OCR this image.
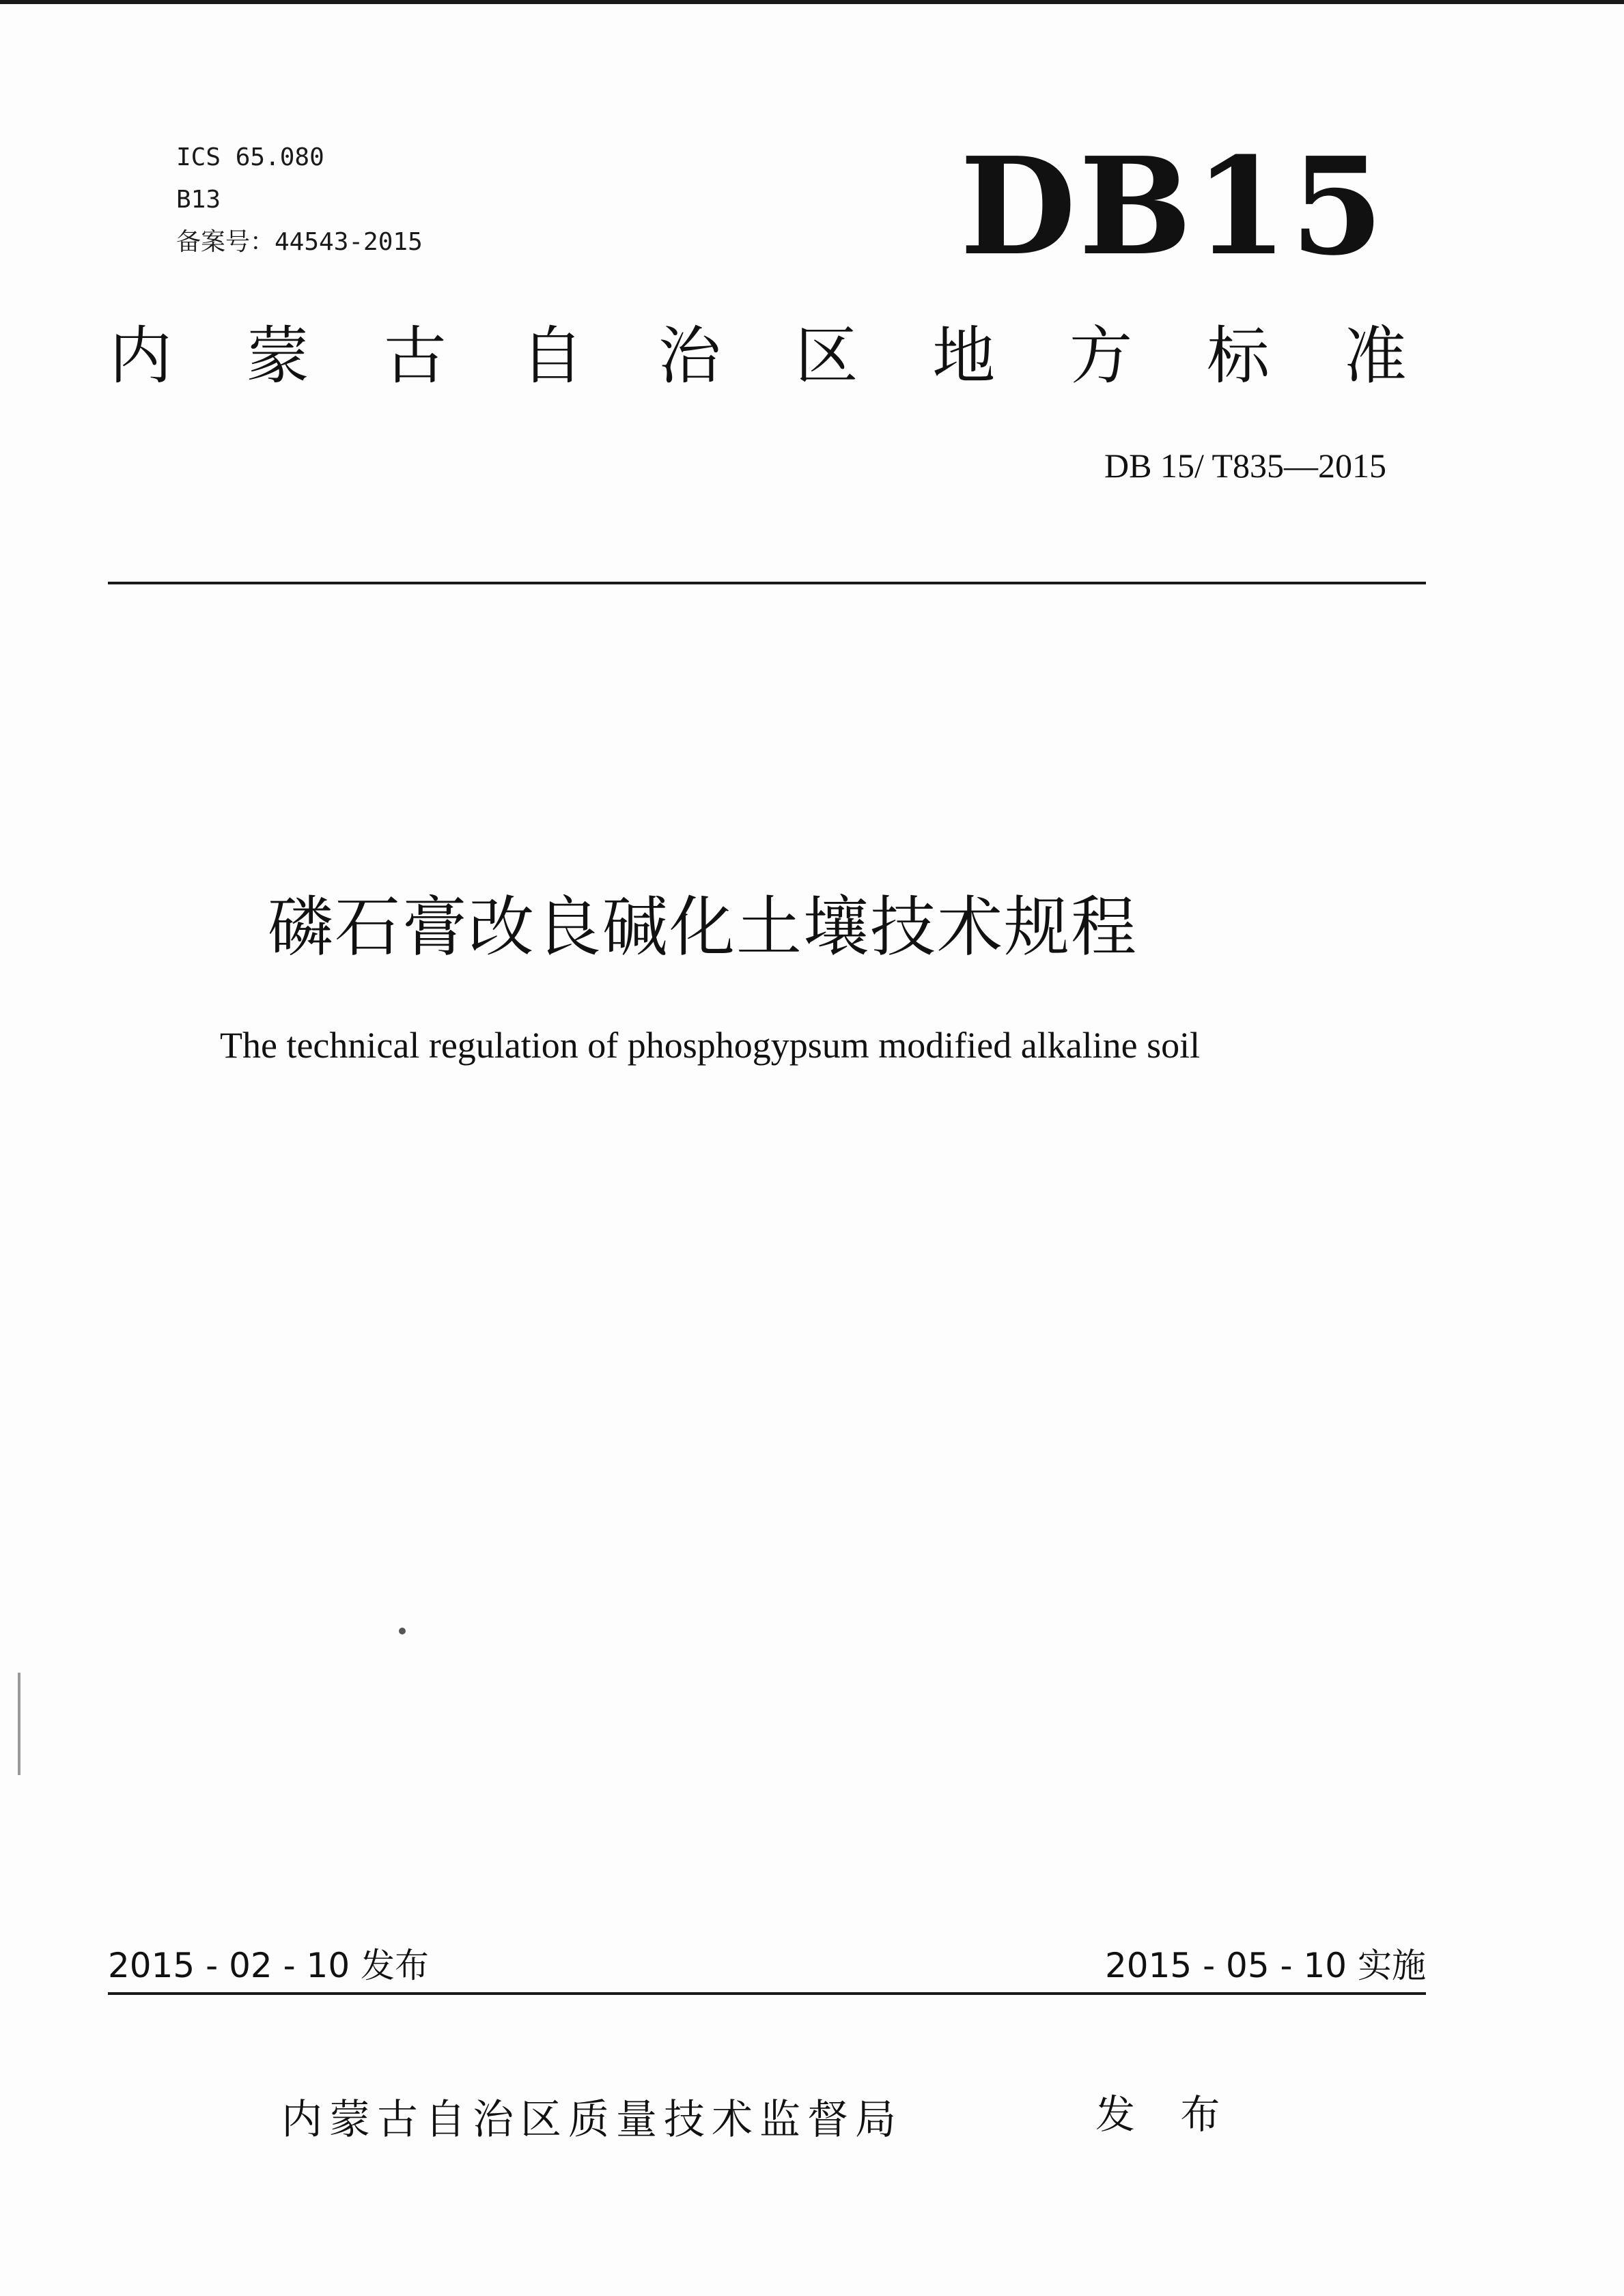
ICS 65.080
B13
备案号：44543-2015	DB15
内 蒙 古 自 治 区 地 方 标 准
DB 15/ T835—2015
磷石膏改良碱化土壤技术规程
The technical regulation of phosphogypsum modified alkaline soil
2015 - 02 - 10 发布	2015 - 05 - 10 实施
内蒙古自治区质量技术监督局	发 布
